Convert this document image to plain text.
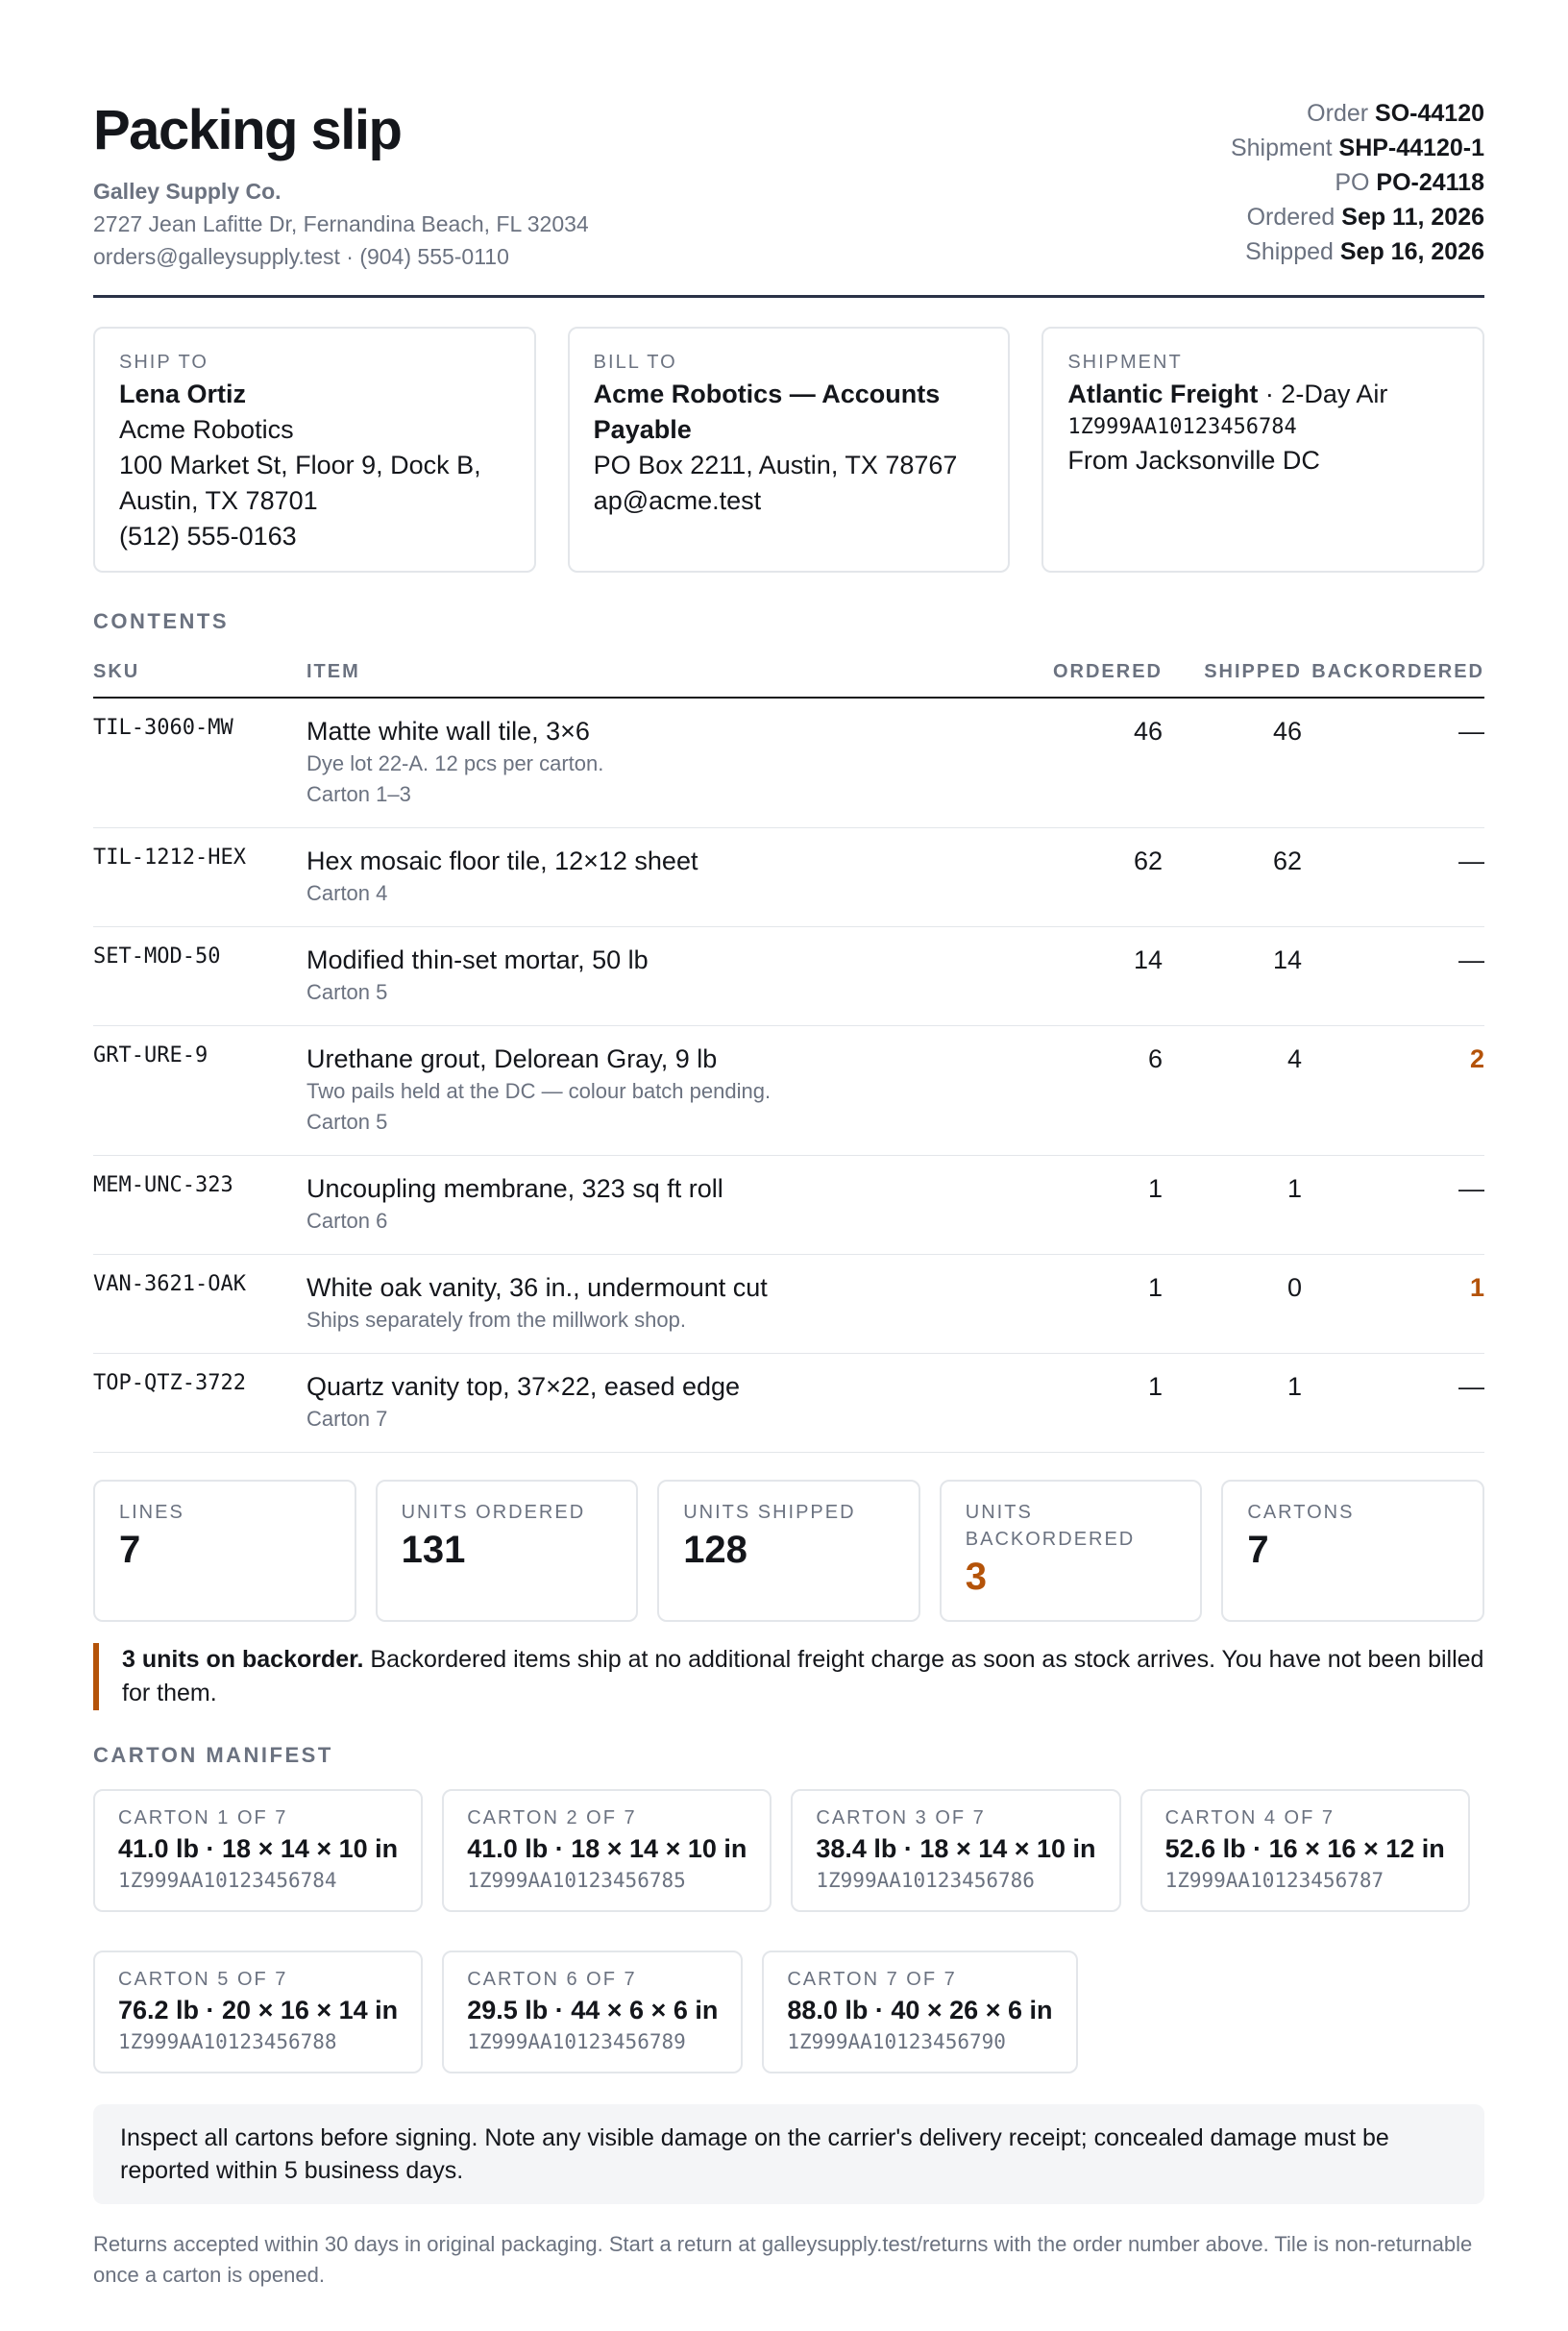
Packing slip
Galley Supply Co.
2727 Jean Lafitte Dr, Fernandina Beach, FL 32034
orders@galleysupply.test · (904) 555-0110
Order SO-44120
Shipment SHP-44120-1
PO PO-24118
Ordered Sep 11, 2026
Shipped Sep 16, 2026
SHIP TO
Lena Ortiz
Acme Robotics
100 Market St, Floor 9, Dock B,
Austin, TX 78701
(512) 555-0163
BILL TO
Acme Robotics — Accounts Payable
PO Box 2211, Austin, TX 78767
ap@acme.test
SHIPMENT
Atlantic Freight · 2-Day Air
1Z999AA10123456784
From Jacksonville DC
CONTENTS
SKU	ITEM	ORDERED	SHIPPED	BACKORDERED
TIL-3060-MW	Matte white wall tile, 3×6
Dye lot 22-A. 12 pcs per carton.
Carton 1–3	46	46	—
TIL-1212-HEX	Hex mosaic floor tile, 12×12 sheet
Carton 4	62	62	—
SET-MOD-50	Modified thin-set mortar, 50 lb
Carton 5	14	14	—
GRT-URE-9	Urethane grout, Delorean Gray, 9 lb
Two pails held at the DC — colour batch pending.
Carton 5	6	4	2
MEM-UNC-323	Uncoupling membrane, 323 sq ft roll
Carton 6	1	1	—
VAN-3621-OAK	White oak vanity, 36 in., undermount cut
Ships separately from the millwork shop.	1	0	1
TOP-QTZ-3722	Quartz vanity top, 37×22, eased edge
Carton 7	1	1	—
LINES
7
UNITS ORDERED
131
UNITS SHIPPED
128
UNITS BACKORDERED
3
CARTONS
7
3 units on backorder. Backordered items ship at no additional freight charge as soon as stock arrives. You have not been billed for them.
CARTON MANIFEST
CARTON 1 OF 7
41.0 lb · 18 × 14 × 10 in
1Z999AA10123456784
CARTON 2 OF 7
41.0 lb · 18 × 14 × 10 in
1Z999AA10123456785
CARTON 3 OF 7
38.4 lb · 18 × 14 × 10 in
1Z999AA10123456786
CARTON 4 OF 7
52.6 lb · 16 × 16 × 12 in
1Z999AA10123456787
CARTON 5 OF 7
76.2 lb · 20 × 16 × 14 in
1Z999AA10123456788
CARTON 6 OF 7
29.5 lb · 44 × 6 × 6 in
1Z999AA10123456789
CARTON 7 OF 7
88.0 lb · 40 × 26 × 6 in
1Z999AA10123456790
Inspect all cartons before signing. Note any visible damage on the carrier's delivery receipt; concealed damage must be reported within 5 business days.
Returns accepted within 30 days in original packaging. Start a return at galleysupply.test/returns with the order number above. Tile is non-returnable once a carton is opened.
